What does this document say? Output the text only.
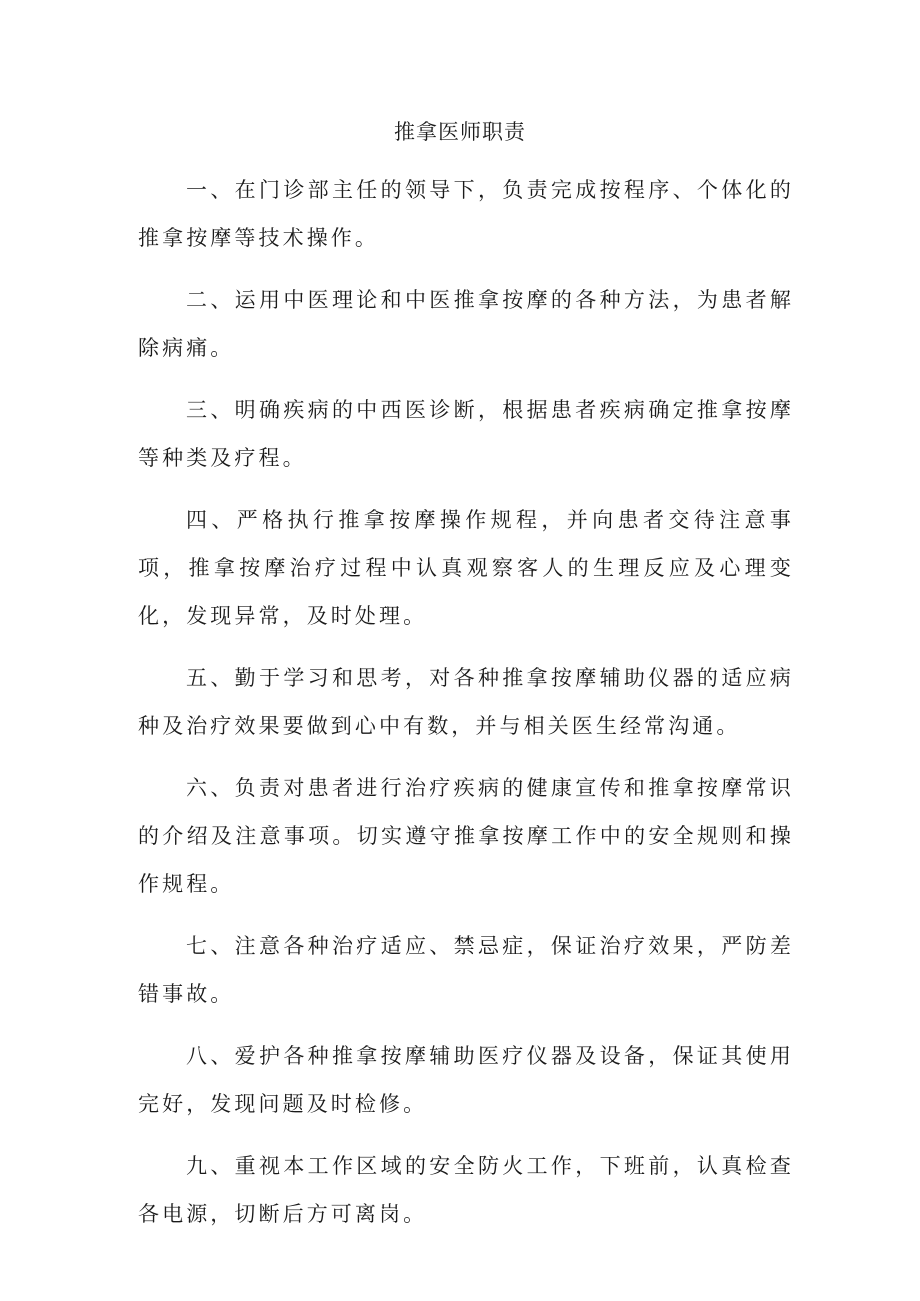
推拿医师职责

一、在门诊部主任的领导下，负责完成按程序、个体化的推拿按摩等技术操作。

二、运用中医理论和中医推拿按摩的各种方法，为患者解除病痛。

三、明确疾病的中西医诊断，根据患者疾病确定推拿按摩等种类及疗程。

四、严格执行推拿按摩操作规程，并向患者交待注意事项，推拿按摩治疗过程中认真观察客人的生理反应及心理变化，发现异常，及时处理。

五、勤于学习和思考，对各种推拿按摩辅助仪器的适应病种及治疗效果要做到心中有数，并与相关医生经常沟通。

六、负责对患者进行治疗疾病的健康宣传和推拿按摩常识的介绍及注意事项。切实遵守推拿按摩工作中的安全规则和操作规程。

七、注意各种治疗适应、禁忌症，保证治疗效果，严防差错事故。

八、爱护各种推拿按摩辅助医疗仪器及设备，保证其使用完好，发现问题及时检修。

九、重视本工作区域的安全防火工作，下班前，认真检查各电源，切断后方可离岗。
